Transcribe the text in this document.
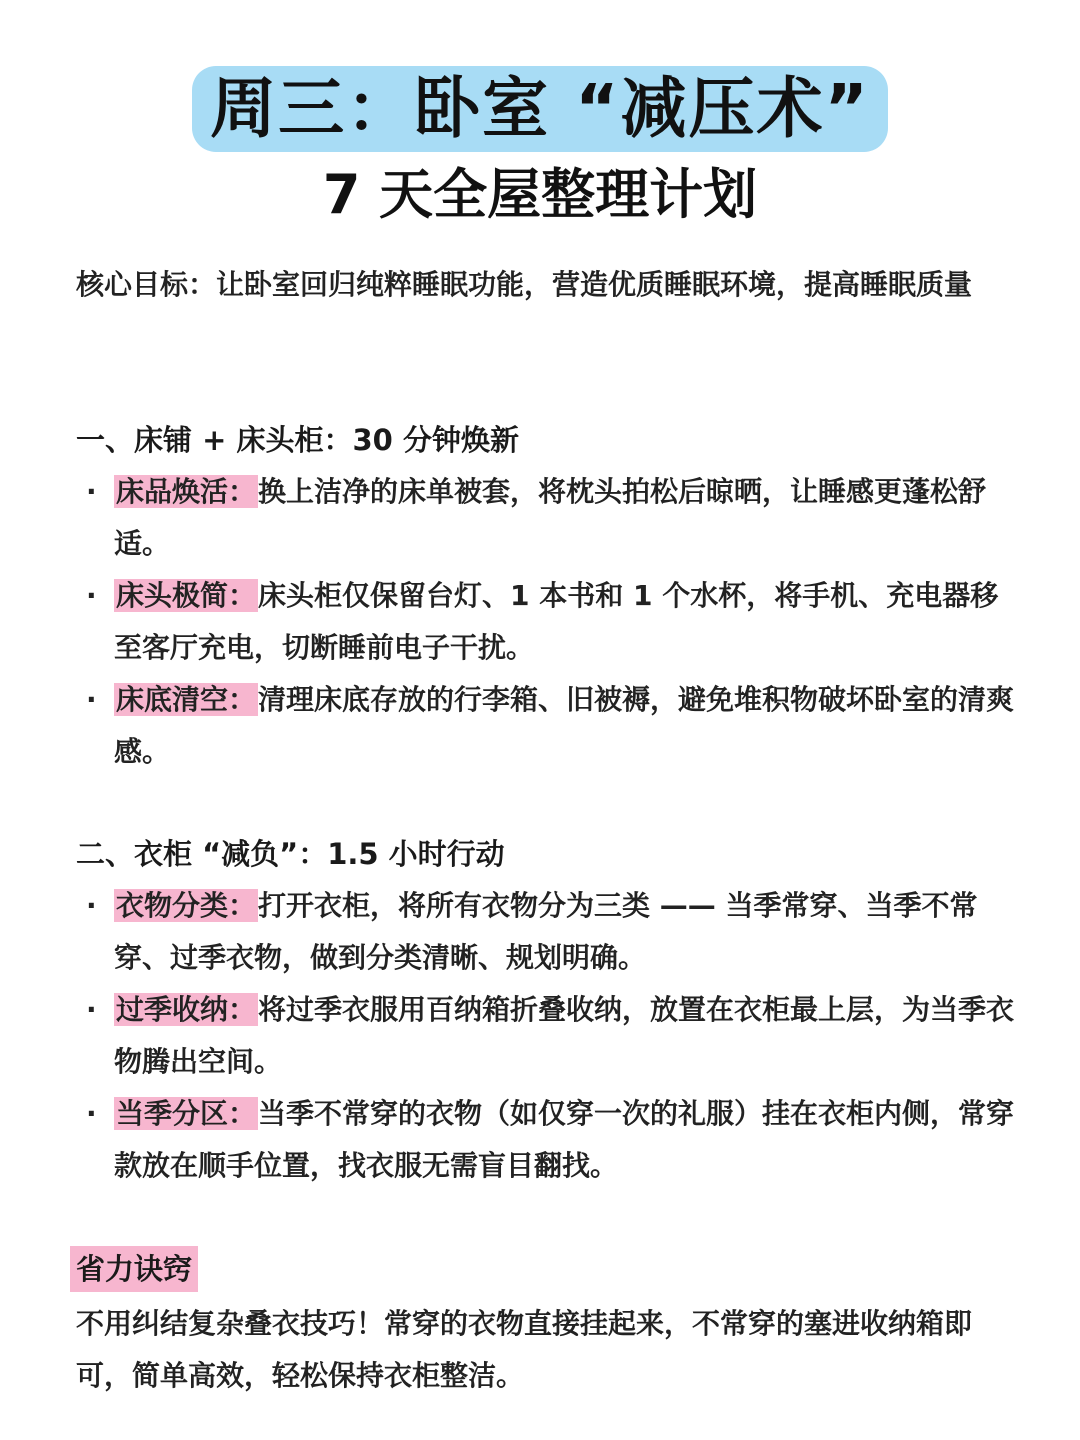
周三：卧室 “减压术”
7 天全屋整理计划
核心目标：让卧室回归纯粹睡眠功能，营造优质睡眠环境，提高睡眠质量
一、床铺 + 床头柜：30 分钟焕新
· 床品焕活：换上洁净的床单被套，将枕头拍松后晾晒，让睡感更蓬松舒适。
· 床头极简：床头柜仅保留台灯、1 本书和 1 个水杯，将手机、充电器移至客厅充电，切断睡前电子干扰。
· 床底清空：清理床底存放的行李箱、旧被褥，避免堆积物破坏卧室的清爽感。
二、衣柜 “减负”：1.5 小时行动
· 衣物分类：打开衣柜，将所有衣物分为三类 —— 当季常穿、当季不常穿、过季衣物，做到分类清晰、规划明确。
· 过季收纳：将过季衣服用百纳箱折叠收纳，放置在衣柜最上层，为当季衣物腾出空间。
· 当季分区：当季不常穿的衣物（如仅穿一次的礼服）挂在衣柜内侧，常穿款放在顺手位置，找衣服无需盲目翻找。
省力诀窍
不用纠结复杂叠衣技巧！常穿的衣物直接挂起来，不常穿的塞进收纳箱即可，简单高效，轻松保持衣柜整洁。
